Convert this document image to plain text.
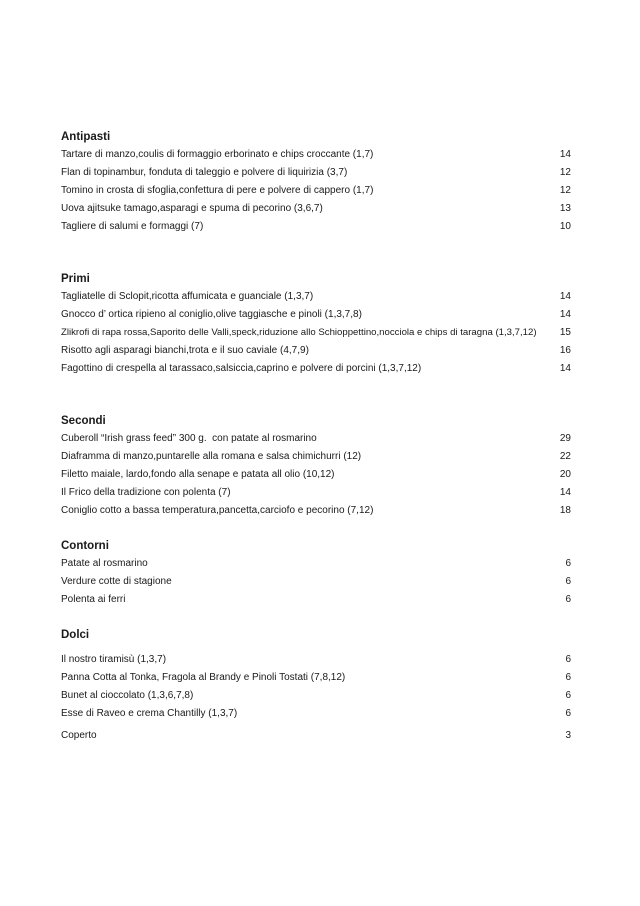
Antipasti
Tartare di manzo,coulis di formaggio erborinato e chips croccante (1,7)	14
Flan di topinambur, fonduta di taleggio e polvere di liquirizia (3,7)	12
Tomino in crosta di sfoglia,confettura di pere e polvere di cappero (1,7)	12
Uova ajitsuke tamago,asparagi e spuma di pecorino (3,6,7)	13
Tagliere di salumi e formaggi (7)	10
Primi
Tagliatelle di Sclopit,ricotta affumicata e guanciale (1,3,7)	14
Gnocco d’ ortica ripieno al coniglio,olive taggiasche e pinoli (1,3,7,8)	14
Zlikrofi di rapa rossa,Saporito delle Valli,speck,riduzione allo Schioppettino,nocciola e chips di taragna (1,3,7,12) 15
Risotto agli asparagi bianchi,trota e il suo caviale (4,7,9)	16
Fagottino di crespella al tarassaco,salsiccia,caprino e polvere di porcini (1,3,7,12)	14
Secondi
Cuberoll “Irish grass feed” 300 g.  con patate al rosmarino	29
Diaframma di manzo,puntarelle alla romana e salsa chimichurri (12)	22
Filetto maiale, lardo,fondo alla senape e patata all olio (10,12)	20
Il Frico della tradizione con polenta (7)	14
Coniglio cotto a bassa temperatura,pancetta,carciofo e pecorino (7,12)	18
Contorni
Patate al rosmarino	6
Verdure cotte di stagione	6
Polenta ai ferri	6
Dolci
Il nostro tiramisù (1,3,7)	6
Panna Cotta al Tonka, Fragola al Brandy e Pinoli Tostati (7,8,12)	6
Bunet al cioccolato (1,3,6,7,8)	6
Esse di Raveo e crema Chantilly (1,3,7)	6
Coperto	3
